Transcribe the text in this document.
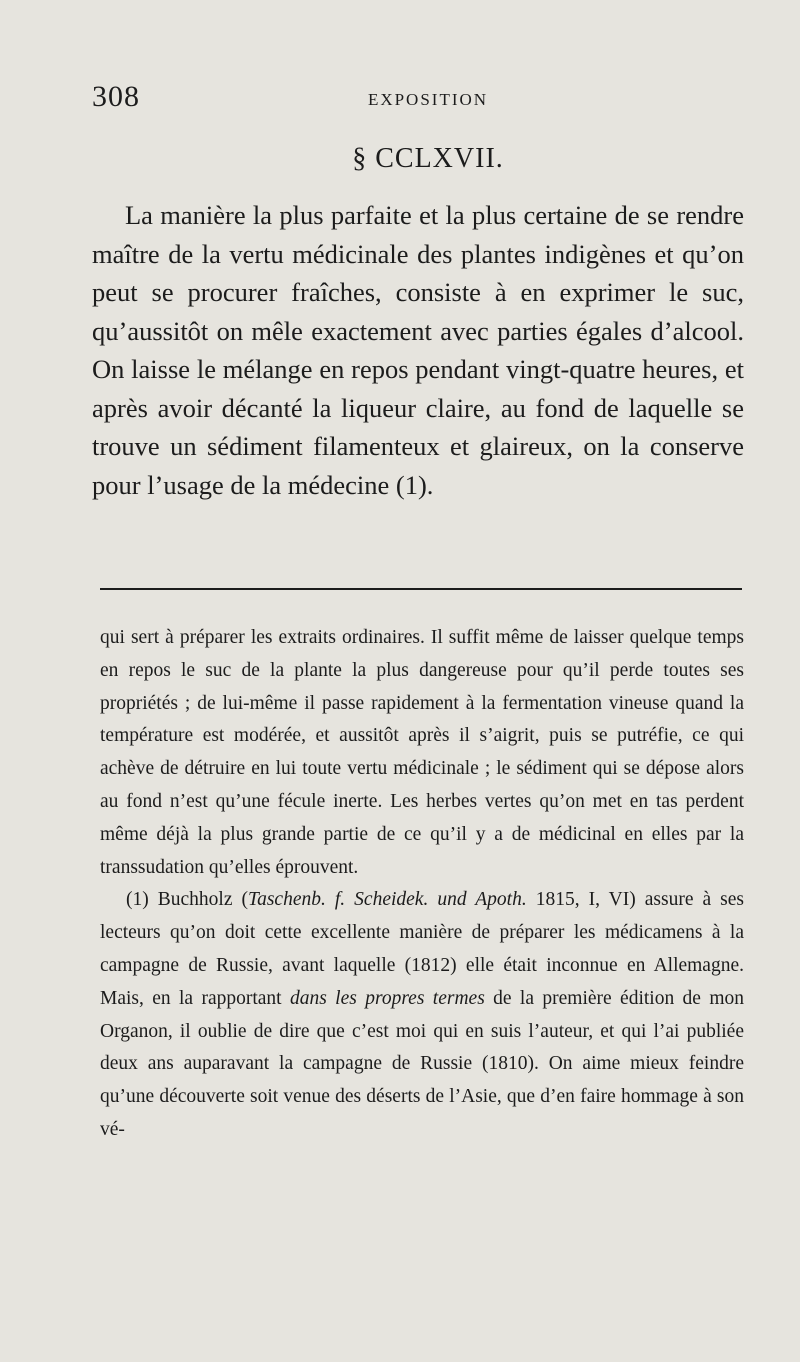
308	EXPOSITION
§ CCLXVII.

La manière la plus parfaite et la plus certaine de se rendre maître de la vertu médicinale des plantes indigènes et qu’on peut se procurer fraîches, consiste à en exprimer le suc, qu’aussitôt on mêle exactement avec parties égales d’alcool. On laisse le mélange en repos pendant vingt-quatre heures, et après avoir décanté la liqueur claire, au fond de laquelle se trouve un sédiment filamenteux et glaireux, on la conserve pour l’usage de la médecine (1).

qui sert à préparer les extraits ordinaires. Il suffit même de laisser quelque temps en repos le suc de la plante la plus dangereuse pour qu’il perde toutes ses propriétés ; de lui-même il passe rapidement à la fermentation vineuse quand la température est modérée, et aussitôt après il s’aigrit, puis se putréfie, ce qui achève de détruire en lui toute vertu médicinale ; le sédiment qui se dépose alors au fond n’est qu’une fécule inerte. Les herbes vertes qu’on met en tas perdent même déjà la plus grande partie de ce qu’il y a de médicinal en elles par la transsudation qu’elles éprouvent.

(1) Buchholz (Taschenb. f. Scheidek. und Apoth. 1815, I, VI) assure à ses lecteurs qu’on doit cette excellente manière de préparer les médicamens à la campagne de Russie, avant laquelle (1812) elle était inconnue en Allemagne. Mais, en la rapportant dans les propres termes de la première édition de mon Organon, il oublie de dire que c’est moi qui en suis l’auteur, et qui l’ai publiée deux ans auparavant la campagne de Russie (1810). On aime mieux feindre qu’une découverte soit venue des déserts de l’Asie, que d’en faire hommage à son vé-
